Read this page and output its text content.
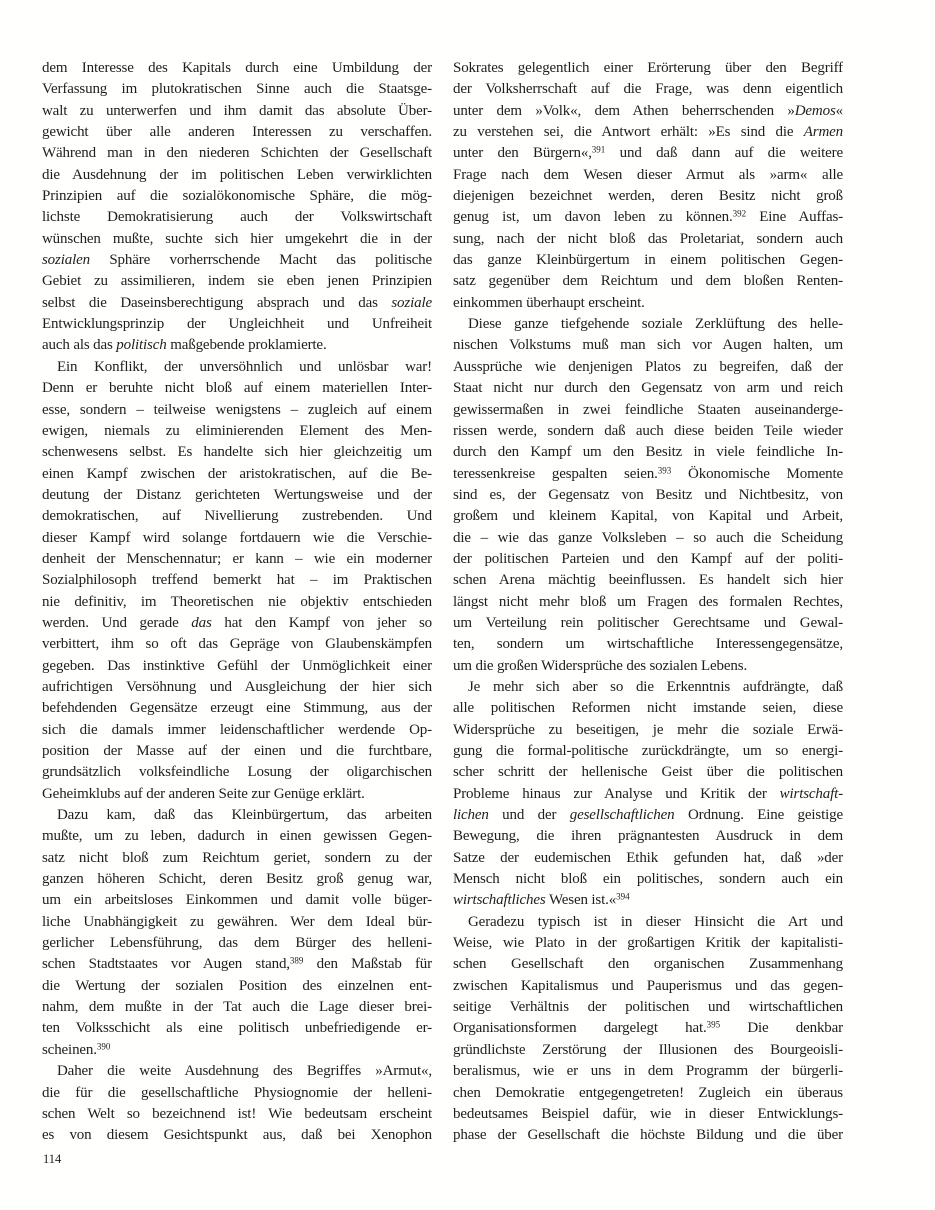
dem Interesse des Kapitals durch eine Umbildung der
Verfassung im plutokratischen Sinne auch die Staatsge-
walt zu unterwerfen und ihm damit das absolute Über-
gewicht über alle anderen Interessen zu verschaffen.
Während man in den niederen Schichten der Gesellschaft
die Ausdehnung der im politischen Leben verwirklichten
Prinzipien auf die sozialökonomische Sphäre, die mög-
lichste Demokratisierung auch der Volkswirtschaft
wünschen mußte, suchte sich hier umgekehrt die in der
sozialen Sphäre vorherrschende Macht das politische
Gebiet zu assimilieren, indem sie eben jenen Prinzipien
selbst die Daseinsberechtigung absprach und das soziale
Entwicklungsprinzip der Ungleichheit und Unfreiheit
auch als das politisch maßgebende proklamierte.
Ein Konflikt, der unversöhnlich und unlösbar war!
Denn er beruhte nicht bloß auf einem materiellen Inter-
esse, sondern – teilweise wenigstens – zugleich auf einem
ewigen, niemals zu eliminierenden Element des Men-
schenwesens selbst. Es handelte sich hier gleichzeitig um
einen Kampf zwischen der aristokratischen, auf die Be-
deutung der Distanz gerichteten Wertungsweise und der
demokratischen, auf Nivellierung zustrebenden. Und
dieser Kampf wird solange fortdauern wie die Verschie-
denheit der Menschennatur; er kann – wie ein moderner
Sozialphilosoph treffend bemerkt hat – im Praktischen
nie definitiv, im Theoretischen nie objektiv entschieden
werden. Und gerade das hat den Kampf von jeher so
verbittert, ihm so oft das Gepräge von Glaubenskämpfen
gegeben. Das instinktive Gefühl der Unmöglichkeit einer
aufrichtigen Versöhnung und Ausgleichung der hier sich
befehdenden Gegensätze erzeugt eine Stimmung, aus der
sich die damals immer leidenschaftlicher werdende Op-
position der Masse auf der einen und die furchtbare,
grundsätzlich volksfeindliche Losung der oligarchischen
Geheimklubs auf der anderen Seite zur Genüge erklärt.
Dazu kam, daß das Kleinbürgertum, das arbeiten
mußte, um zu leben, dadurch in einen gewissen Gegen-
satz nicht bloß zum Reichtum geriet, sondern zu der
ganzen höheren Schicht, deren Besitz groß genug war,
um ein arbeitsloses Einkommen und damit volle büger-
liche Unabhängigkeit zu gewähren. Wer dem Ideal bür-
gerlicher Lebensführung, das dem Bürger des helleni-
schen Stadtstaates vor Augen stand,$^{389}$ den Maßstab für
die Wertung der sozialen Position des einzelnen ent-
nahm, dem mußte in der Tat auch die Lage dieser brei-
ten Volksschicht als eine politisch unbefriedigende er-
scheinen.$^{390}$
Daher die weite Ausdehnung des Begriffes »Armut«,
die für die gesellschaftliche Physiognomie der helleni-
schen Welt so bezeichnend ist! Wie bedeutsam erscheint
es von diesem Gesichtspunkt aus, daß bei Xenophon
Sokrates gelegentlich einer Erörterung über den Begriff
der Volksherrschaft auf die Frage, was denn eigentlich
unter dem »Volk«, dem Athen beherrschenden »Demos«
zu verstehen sei, die Antwort erhält: »Es sind die Armen
unter den Bürgern«,$^{391}$ und daß dann auf die weitere
Frage nach dem Wesen dieser Armut als »arm« alle
diejenigen bezeichnet werden, deren Besitz nicht groß
genug ist, um davon leben zu können.$^{392}$ Eine Auffas-
sung, nach der nicht bloß das Proletariat, sondern auch
das ganze Kleinbürgertum in einem politischen Gegen-
satz gegenüber dem Reichtum und dem bloßen Renten-
einkommen überhaupt erscheint.
Diese ganze tiefgehende soziale Zerklüftung des helle-
nischen Volkstums muß man sich vor Augen halten, um
Aussprüche wie denjenigen Platos zu begreifen, daß der
Staat nicht nur durch den Gegensatz von arm und reich
gewissermaßen in zwei feindliche Staaten auseinanderge-
rissen werde, sondern daß auch diese beiden Teile wieder
durch den Kampf um den Besitz in viele feindliche In-
teressenkreise gespalten seien.$^{393}$ Ökonomische Momente
sind es, der Gegensatz von Besitz und Nichtbesitz, von
großem und kleinem Kapital, von Kapital und Arbeit,
die – wie das ganze Volksleben – so auch die Scheidung
der politischen Parteien und den Kampf auf der politi-
schen Arena mächtig beeinflussen. Es handelt sich hier
längst nicht mehr bloß um Fragen des formalen Rechtes,
um Verteilung rein politischer Gerechtsame und Gewal-
ten, sondern um wirtschaftliche Interessengegensätze,
um die großen Widersprüche des sozialen Lebens.
Je mehr sich aber so die Erkenntnis aufdrängte, daß
alle politischen Reformen nicht imstande seien, diese
Widersprüche zu beseitigen, je mehr die soziale Erwä-
gung die formal-politische zurückdrängte, um so energi-
scher schritt der hellenische Geist über die politischen
Probleme hinaus zur Analyse und Kritik der wirtschaft-
lichen und der gesellschaftlichen Ordnung. Eine geistige
Bewegung, die ihren prägnantesten Ausdruck in dem
Satze der eudemischen Ethik gefunden hat, daß »der
Mensch nicht bloß ein politisches, sondern auch ein
wirtschaftliches Wesen ist.«$^{394}$
Geradezu typisch ist in dieser Hinsicht die Art und
Weise, wie Plato in der großartigen Kritik der kapitalisti-
schen Gesellschaft den organischen Zusammenhang
zwischen Kapitalismus und Pauperismus und das gegen-
seitige Verhältnis der politischen und wirtschaftlichen
Organisationsformen dargelegt hat.$^{395}$ Die denkbar
gründlichste Zerstörung der Illusionen des Bourgeoisli-
beralismus, wie er uns in dem Programm der bürgerli-
chen Demokratie entgegengetreten! Zugleich ein überaus
bedeutsames Beispiel dafür, wie in dieser Entwicklungs-
phase der Gesellschaft die höchste Bildung und die über
114
